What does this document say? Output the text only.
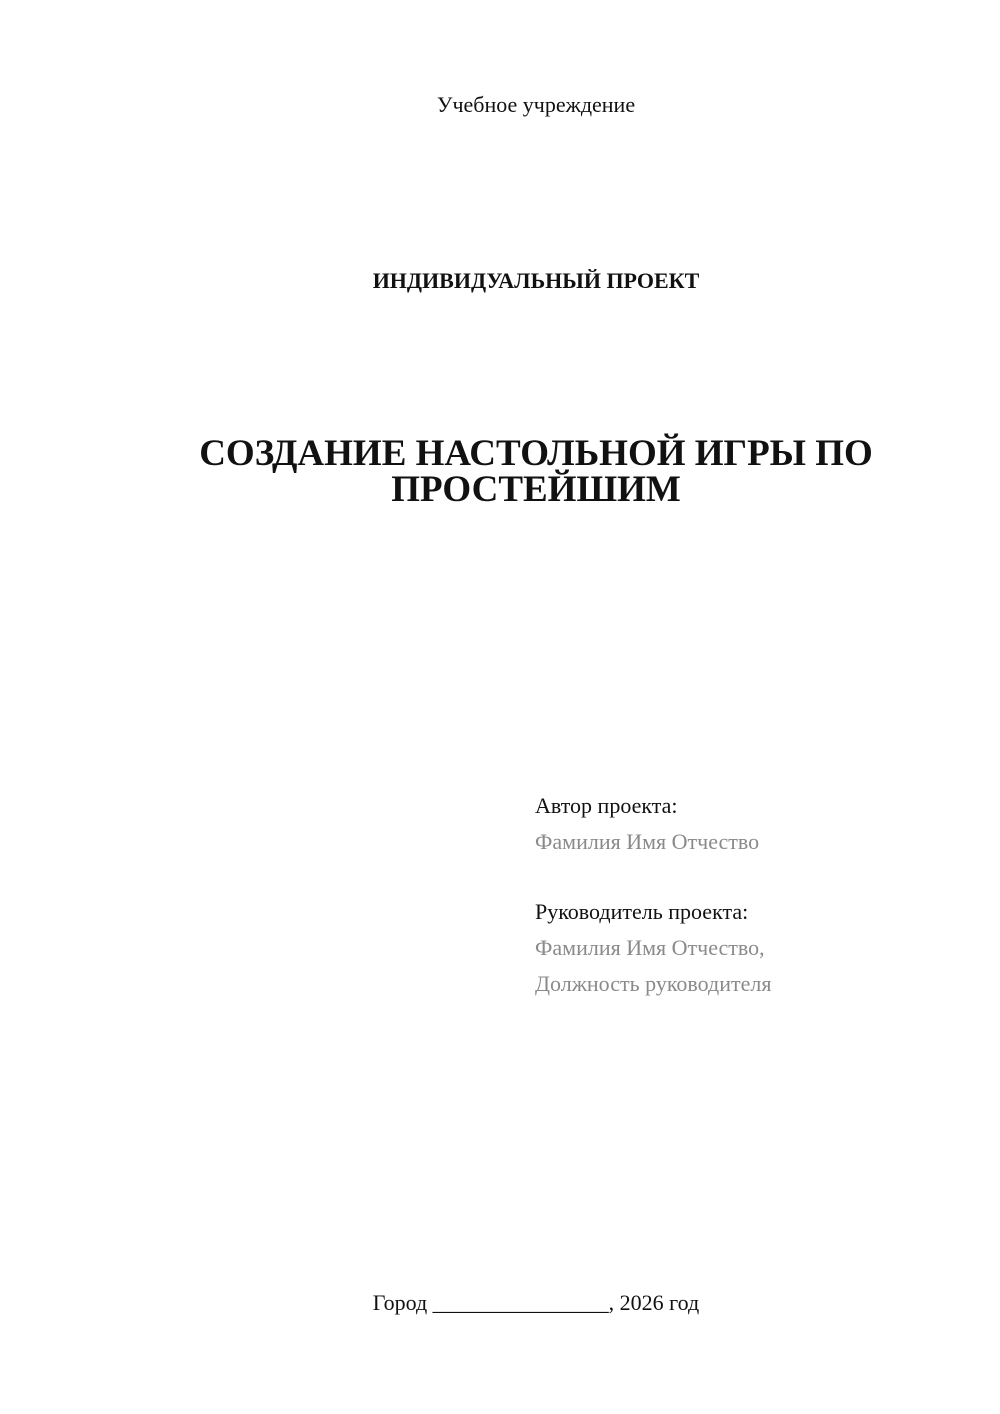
Учебное учреждение
ИНДИВИДУАЛЬНЫЙ ПРОЕКТ
СОЗДАНИЕ НАСТОЛЬНОЙ ИГРЫ ПО
ПРОСТЕЙШИМ
Автор проекта:
Фамилия Имя Отчество
Руководитель проекта:
Фамилия Имя Отчество,
Должность руководителя
Город ________________, 2026 год
